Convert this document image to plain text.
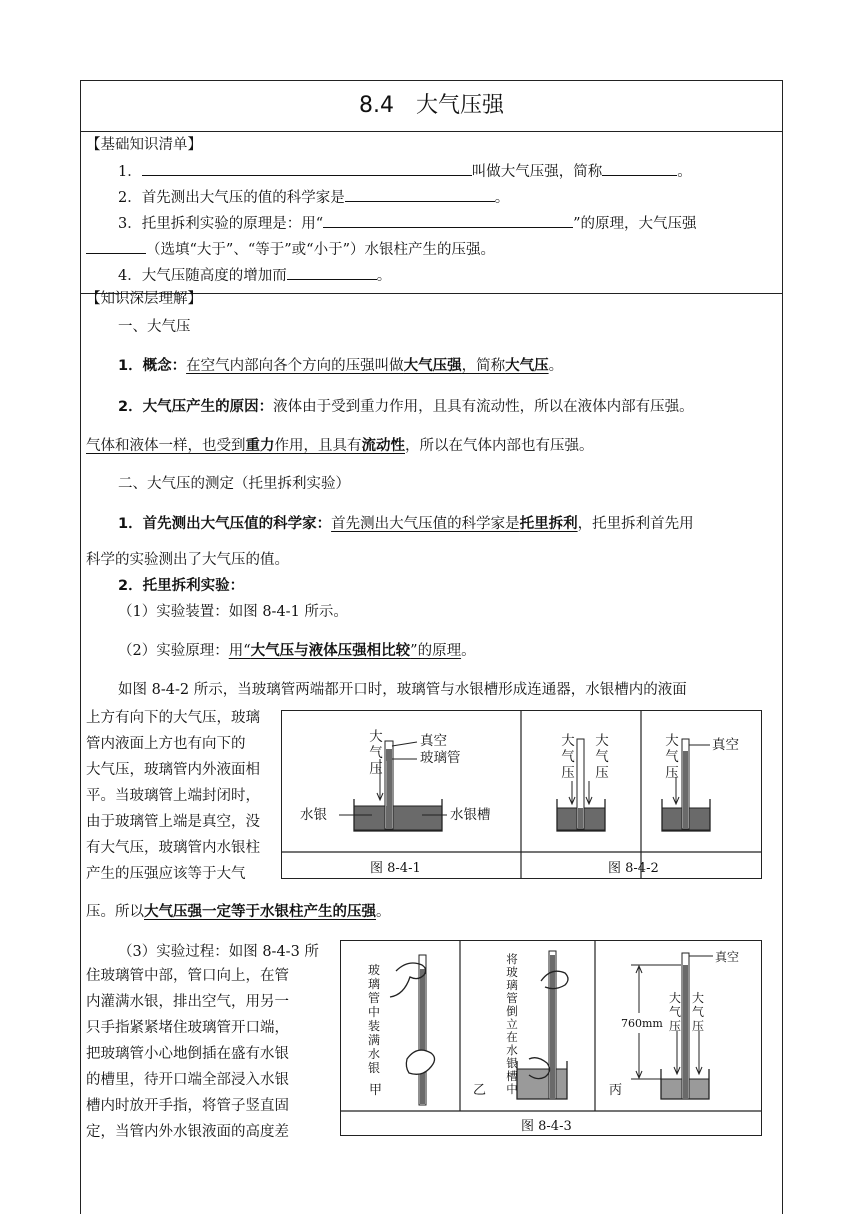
8.4　大气压强
【基础知识清单】
1．	叫做大气压强，简称	。
2．首先测出大气压的值的科学家是	。
3．托里拆利实验的原理是：用“	”的原理，大气压强
（选填“大于”、“等于”或“小于”）水银柱产生的压强。
4．大气压随高度的增加而	。
【知识深层理解】
一、大气压
1．概念：在空气内部向各个方向的压强叫做大气压强，简称大气压。
2．大气压产生的原因：液体由于受到重力作用，且具有流动性，所以在液体内部有压强。
气体和液体一样，也受到重力作用，且具有流动性，所以在气体内部也有压强。
二、大气压的测定（托里拆利实验）
1．首先测出大气压值的科学家：首先测出大气压值的科学家是托里拆利，托里拆利首先用
科学的实验测出了大气压的值。
2．托里拆利实验：
（1）实验装置：如图 8-4-1 所示。
（2）实验原理：用“大气压与液体压强相比较”的原理。
如图 8-4-2 所示，当玻璃管两端都开口时，玻璃管与水银槽形成连通器，水银槽内的液面
上方有向下的大气压，玻璃
管内液面上方也有向下的
大气压，玻璃管内外液面相
平。当玻璃管上端封闭时，
由于玻璃管上端是真空，没
有大气压，玻璃管内水银柱
产生的压强应该等于大气
压。所以大气压强一定等于水银柱产生的压强。
（3）实验过程：如图 8-4-3 所
住玻璃管中部，管口向上，在管
内灌满水银，排出空气，用另一
只手指紧紧堵住玻璃管开口端，
把玻璃管小心地倒插在盛有水银
的槽里，待开口端全部浸入水银
槽内时放开手指，将管子竖直固
定，当管内外水银液面的高度差
大气压
真空
玻璃管
水银	水银槽
大气压
大气压
大气压
真空
图 8-4-1	图 8-4-2
玻璃管中装满水银
将玻璃管倒立在水银槽中
甲	乙	丙
真空
760mm
大气压
大气压
图 8-4-3
